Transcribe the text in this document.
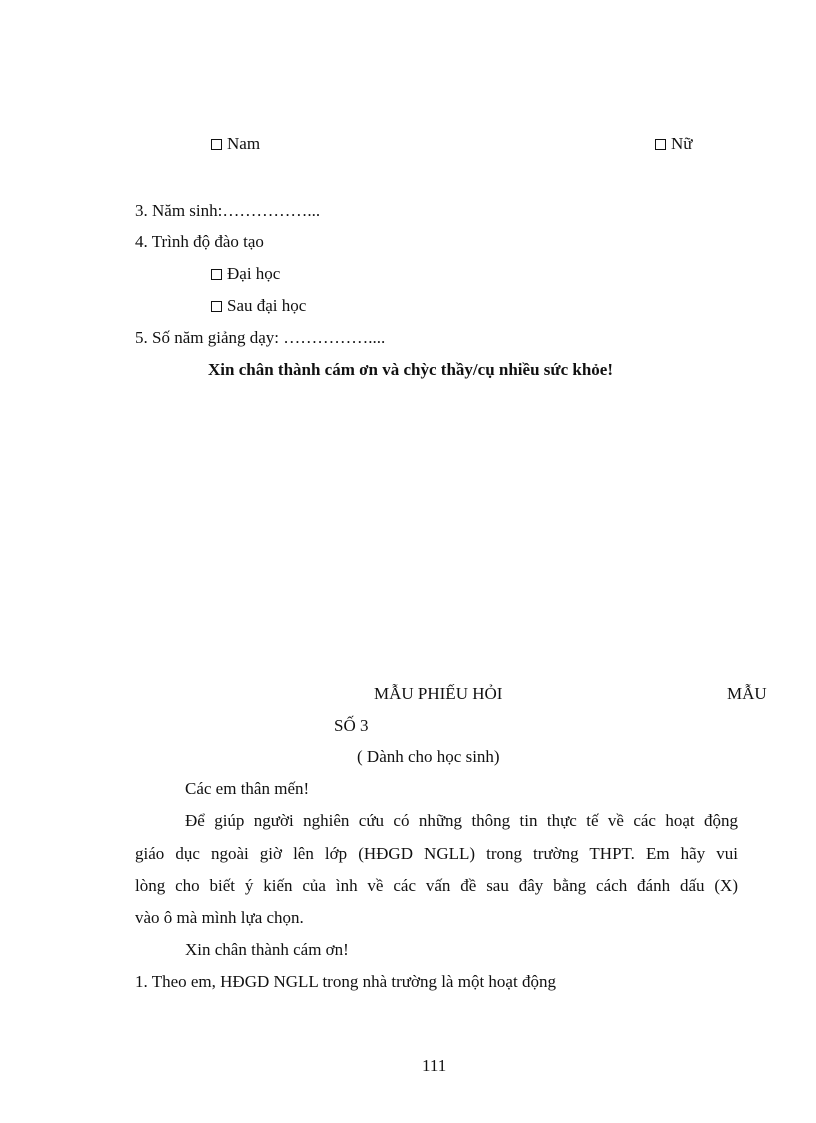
Nam	Nữ
3. Năm sinh:……………...
4. Trình độ đào tạo
Đại học
Sau đại học
5. Số năm giảng dạy: ……………....
Xin chân thành cám ơn và chỳc thầy/cụ nhiều sức khỏe!
MẪU PHIẾU HỎI	MẪU
SỐ 3
( Dành cho học sinh)
Các em thân mến!
Để giúp người nghiên cứu có những thông tin thực tế về các hoạt động
giáo dục ngoài giờ lên lớp (HĐGD NGLL) trong trường THPT. Em hãy vui
lòng cho biết ý kiến của ình về các vấn đề sau đây bằng cách đánh dấu (X)
vào ô mà mình lựa chọn.
Xin chân thành cám ơn!
1. Theo em, HĐGD NGLL trong nhà trường là một hoạt động
111
